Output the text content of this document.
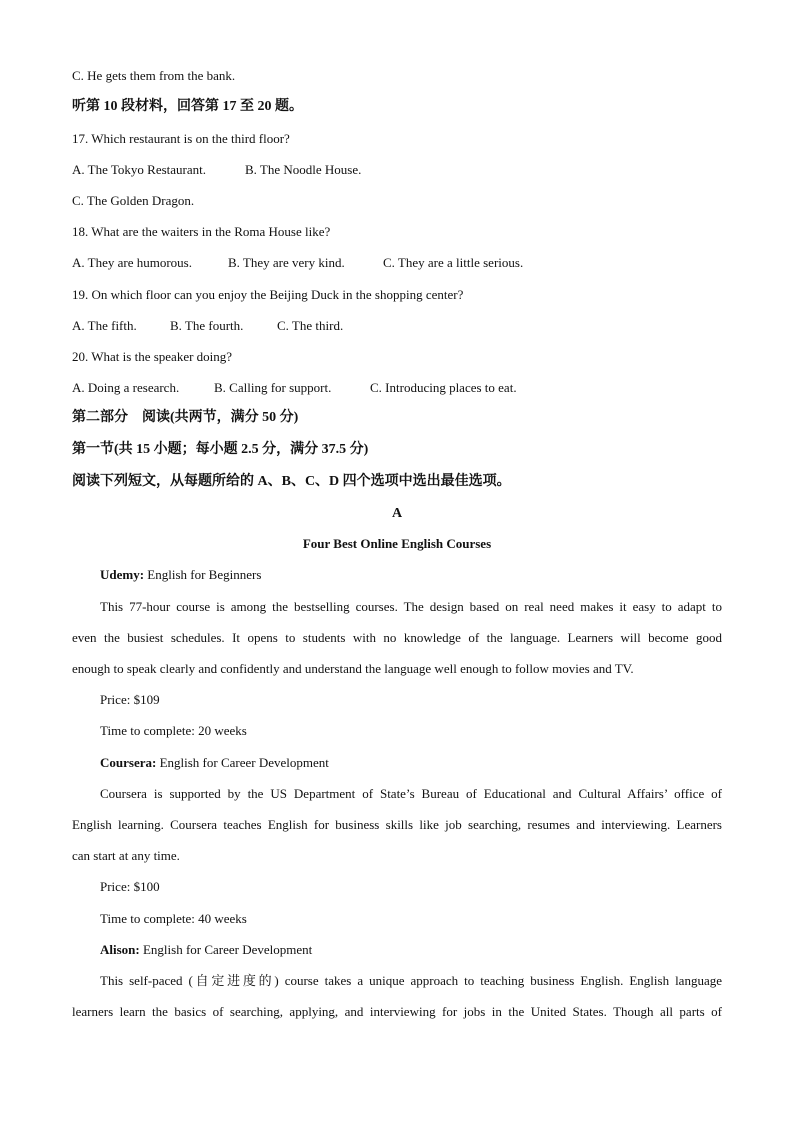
C. He gets them from the bank.
听第 10 段材料，回答第 17 至 20 题。
17. Which restaurant is on the third floor?
A. The Tokyo Restaurant.	B. The Noodle House.
C. The Golden Dragon.
18. What are the waiters in the Roma House like?
A. They are humorous.	B. They are very kind.	C. They are a little serious.
19. On which floor can you enjoy the Beijing Duck in the shopping center?
A. The fifth.	B. The fourth.	C. The third.
20. What is the speaker doing?
A. Doing a research.	B. Calling for support.	C. Introducing places to eat.
第二部分　阅读(共两节，满分 50 分)
第一节(共 15 小题；每小题 2.5 分，满分 37.5 分)
阅读下列短文，从每题所给的 A、B、C、D 四个选项中选出最佳选项。
A
Four Best Online English Courses
Udemy: English for Beginners
This 77-hour course is among the bestselling courses. The design based on real need makes it easy to adapt to
even the busiest schedules. It opens to students with no knowledge of the language. Learners will become good
enough to speak clearly and confidently and understand the language well enough to follow movies and TV.
Price: $109
Time to complete: 20 weeks
Coursera: English for Career Development
Coursera is supported by the US Department of State’s Bureau of Educational and Cultural Affairs’ office of
English learning. Coursera teaches English for business skills like job searching, resumes and interviewing. Learners
can start at any time.
Price: $100
Time to complete: 40 weeks
Alison: English for Career Development
This self-paced (自定进度的) course takes a unique approach to teaching business English. English language
learners learn the basics of searching, applying, and interviewing for jobs in the United States. Though all parts of
